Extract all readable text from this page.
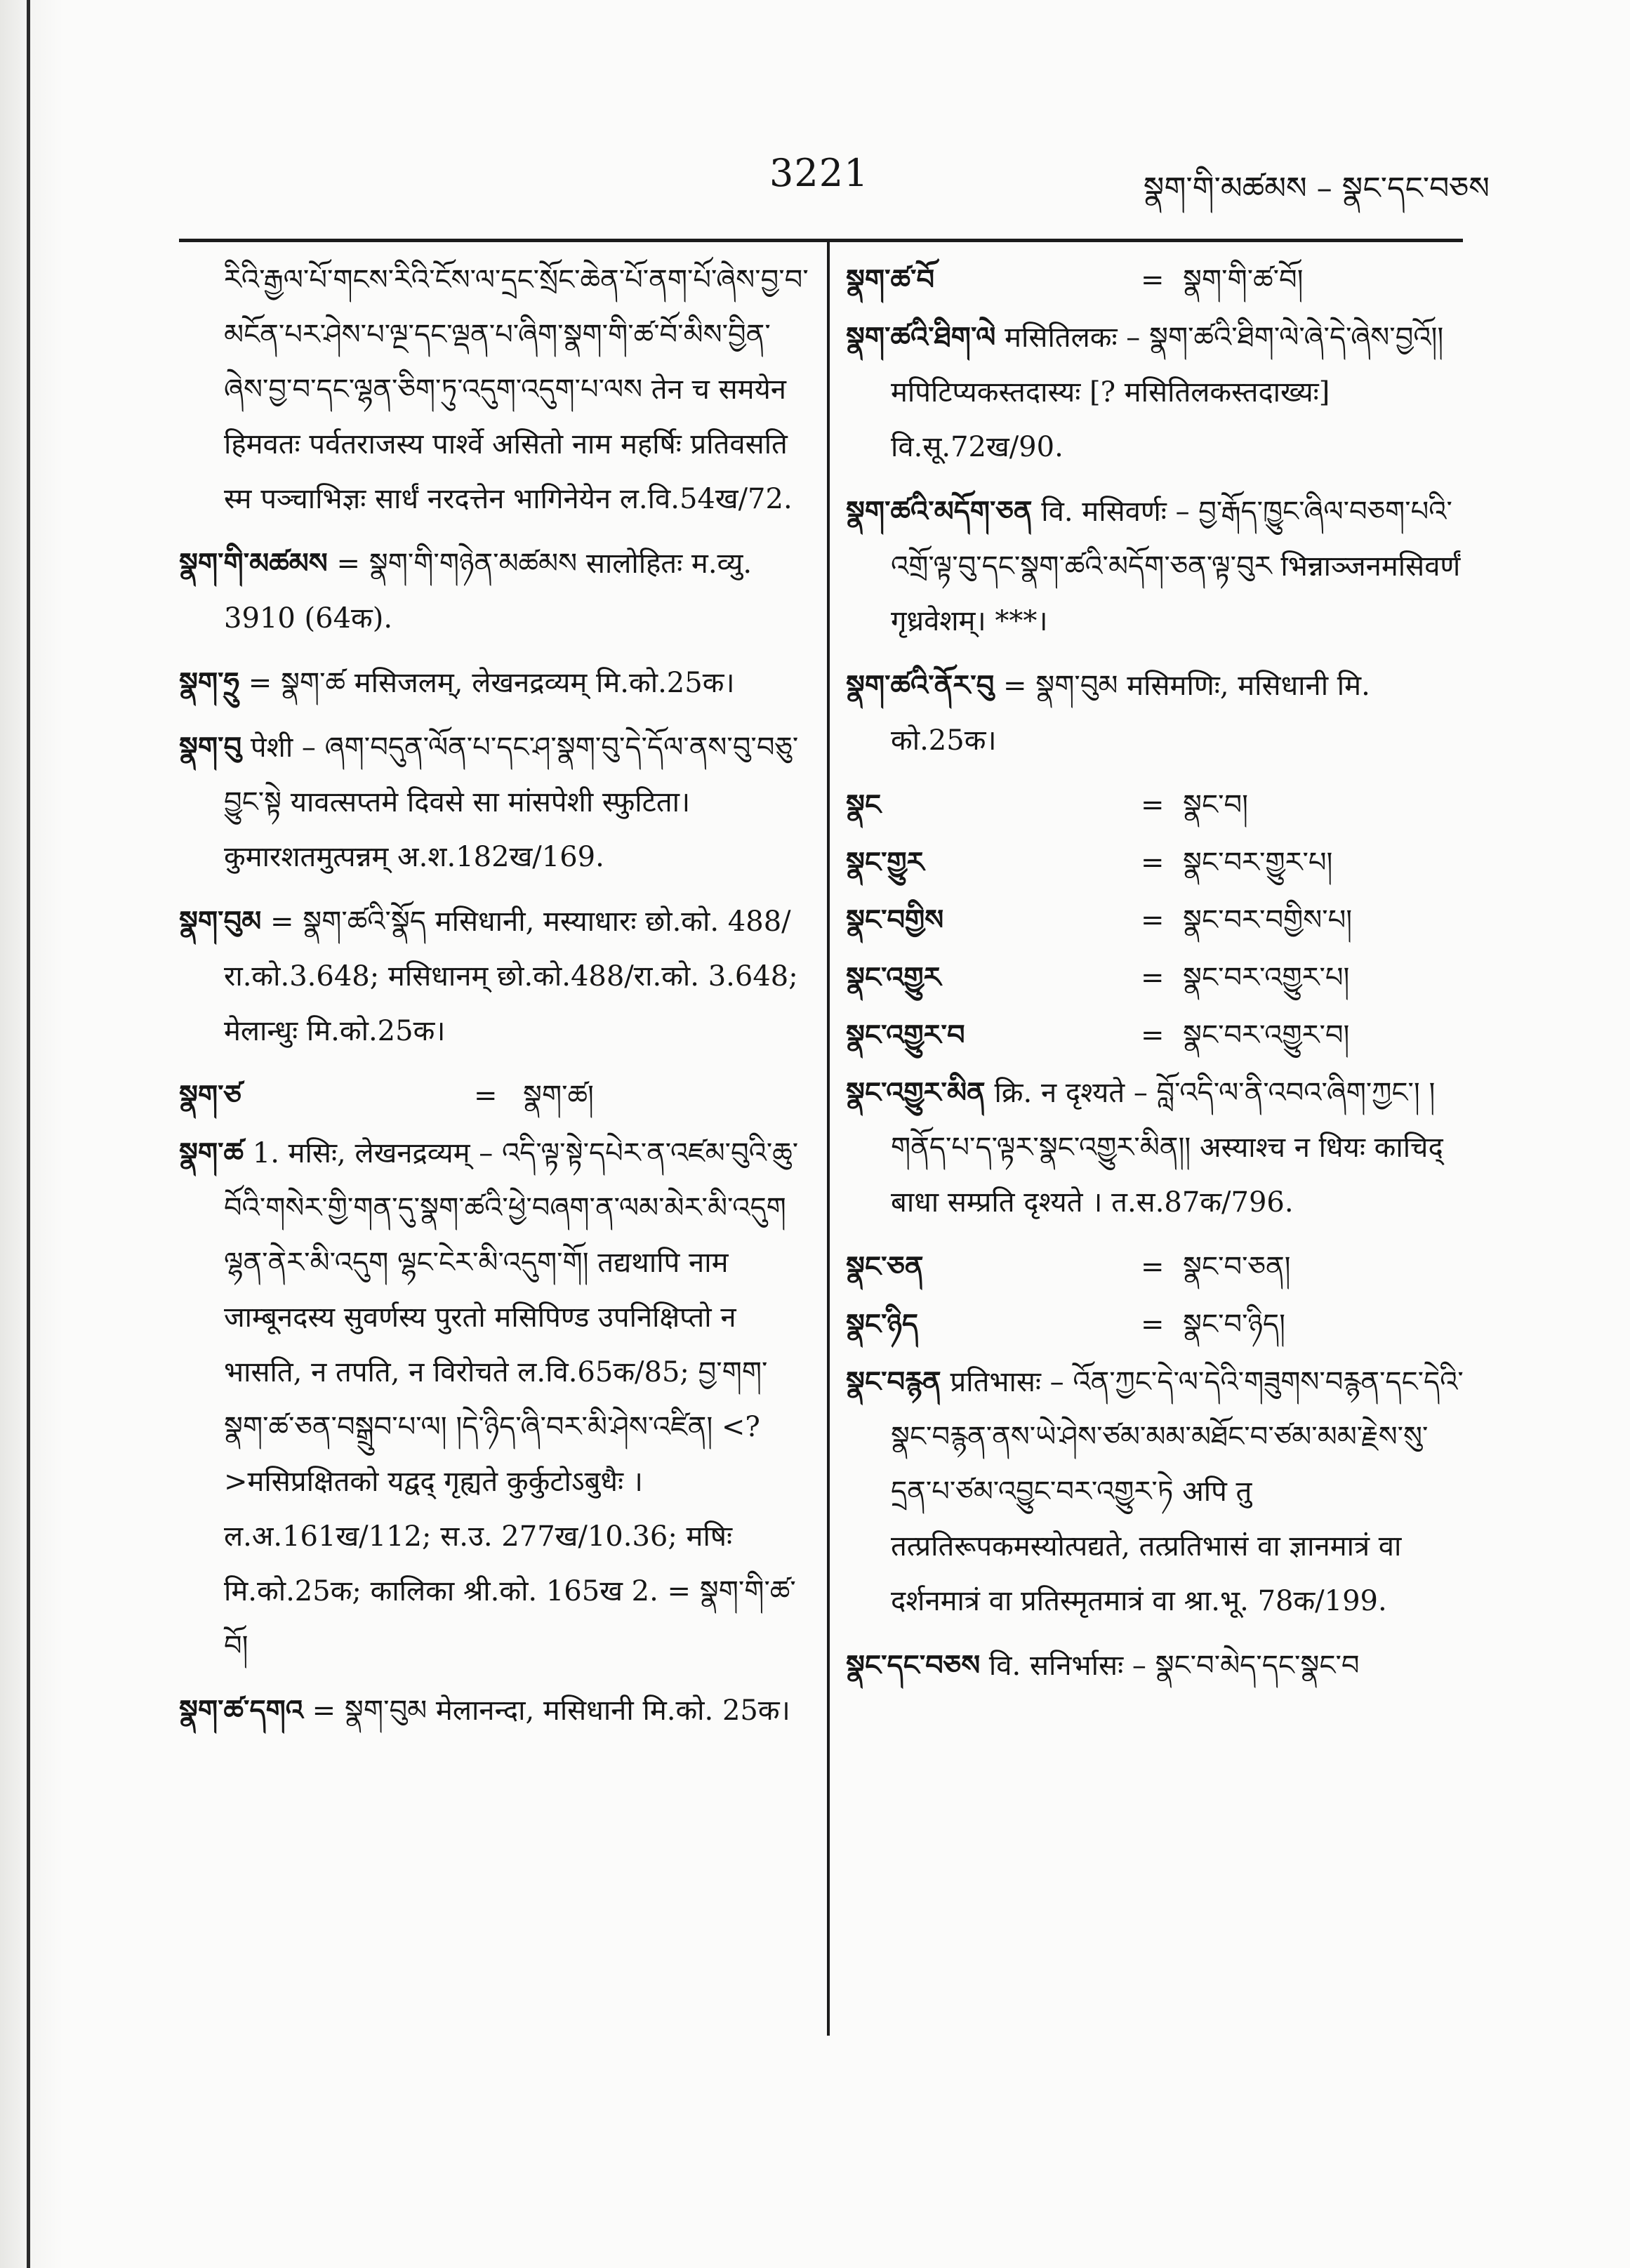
3221	སྣག་གི་མཚམས – སྣང་དང་བཅས

རིའི་རྒྱལ་པོ་གངས་རིའི་ངོས་ལ་དྲང་སྲོང་ཆེན་པོ་ནག་པོ་ཞེས་བྱ་བ་མངོན་པར་ཤེས་པ་ལྔ་དང་ལྡན་པ་ཞིག་སྣག་གི་ཚ་བོ་མིས་བྱིན་ཞེས་བྱ་བ་དང་ལྷན་ཅིག་ཏུ་འདུག་འདུག་པ་ལས तेन च समयेन हिमवतः पर्वतराजस्य पार्श्वे असितो नाम महर्षिः प्रतिवसति स्म पञ्चाभिज्ञः सार्धं नरदत्तेन भागिनेयेन ल.वि.54ख/72.

སྣག་གི་མཚམས = སྣག་གི་གཉེན་མཚམས सालोहितः म.व्यु. 3910 (64क).

སྣག་ཧྲུ = སྣག་ཚ मसिजलम्, लेखनद्रव्यम् मि.को.25क।

སྣག་བུ पेशी – ཞག་བདུན་ལོན་པ་དང་ཤ་སྣག་བུ་དེ་དོལ་ནས་བུ་བཅུ་བྱུང་སྟེ यावत्सप्तमे दिवसे सा मांसपेशी स्फुटिता। कुमारशतमुत्पन्नम् अ.श.182ख/169.

སྣག་བུམ = སྣག་ཚའི་སྣོད मसिधानी, मस्याधारः छो.को. 488/रा.को.3.648; मसिधानम् छो.को.488/रा.को. 3.648; मेलान्धुः मि.को.25क।

སྣག་ཙ	= སྣག་ཚ།

སྣག་ཚ 1. मसिः, लेखनद्रव्यम् – འདི་ལྟ་སྟེ་དཔེར་ན་འཛམ་བུའི་ཆུ་བོའི་གསེར་གྱི་གན་དུ་སྣག་ཚའི་ཕྱེ་བཞག་ན་ལམ་མེར་མི་འདུག ལྷན་ནེར་མི་འདུག ལྷང་ངེར་མི་འདུག་གོ། तद्यथापि नाम जाम्बूनदस्य सुवर्णस्य पुरतो मसिपिण्ड उपनिक्षिप्तो न भासति, न तपति, न विरोचते ल.वि.65क/85; བྱ་གག་སྣག་ཚ་ཅན་བསྒྲུབ་པ་ལ། །དེ་ཉིད་ཞི་བར་མི་ཤེས་འཛིན། <?>मसिप्रक्षितको यद्वद् गृह्यते कुर्कुटोऽबुधैः । ल.अ.161ख/112; स.उ. 277ख/10.36; मषिः मि.को.25क; कालिका श्री.को. 165ख 2. = སྣག་གི་ཚ་བོ།

སྣག་ཚ་དགའ = སྣག་བུམ मेलानन्दा, मसिधानी मि.को. 25क।

སྣག་ཚ་བོ	= སྣག་གི་ཚ་བོ།

སྣག་ཚའི་ཐིག་ལེ मसितिलकः – སྣག་ཚའི་ཐིག་ལེ་ཞེ་དེ་ཞེས་བྱའོ།། मपिटिप्यकस्तदास्यः [? मसितिलकस्तदाख्यः] वि.सू.72ख/90.

སྣག་ཚའི་མདོག་ཅན वि. मसिवर्णः – བྱ་རྒོད་ཁྱུང་ཞིལ་བཅག་པའི་འགྲོ་ལྟ་བུ་དང་སྣག་ཚའི་མདོག་ཅན་ལྟ་བུར भिन्नाञ्जनमसिवर्णं गृध्रवेशम्। ***।

སྣག་ཚའི་ནོར་བུ = སྣག་བུམ मसिमणिः, मसिधानी मि. को.25क।

སྣང	= སྣང་བ།
སྣང་གྱུར	= སྣང་བར་གྱུར་པ།
སྣང་བགྱིས	= སྣང་བར་བགྱིས་པ།
སྣང་འགྱུར	= སྣང་བར་འགྱུར་པ།
སྣང་འགྱུར་བ	= སྣང་བར་འགྱུར་བ།

སྣང་འགྱུར་མིན क्रि. न दृश्यते – བློ་འདི་ལ་ནི་འབའ་ཞིག་ཀྱང་། །གནོད་པ་ད་ལྟར་སྣང་འགྱུར་མིན།། अस्याश्च न धियः काचिद् बाधा सम्प्रति दृश्यते । त.स.87क/796.

སྣང་ཅན	= སྣང་བ་ཅན།
སྣང་ཉིད	= སྣང་བ་ཉིད།

སྣང་བརྙན प्रतिभासः – འོན་ཀྱང་དེ་ལ་དེའི་གཟུགས་བརྙན་དང་དེའི་སྣང་བརྙན་ནས་ཡེ་ཤེས་ཙམ་མམ་མཐོང་བ་ཙམ་མམ་རྗེས་སུ་དྲན་པ་ཙམ་འབྱུང་བར་འགྱུར་ཏེ अपि तु तत्प्रतिरूपकमस्योत्पद्यते, तत्प्रतिभासं वा ज्ञानमात्रं वा दर्शनमात्रं वा प्रतिस्मृतमात्रं वा श्रा.भू. 78क/199.

སྣང་དང་བཅས वि. सनिर्भासः – སྣང་བ་མེད་དང་སྣང་བ
